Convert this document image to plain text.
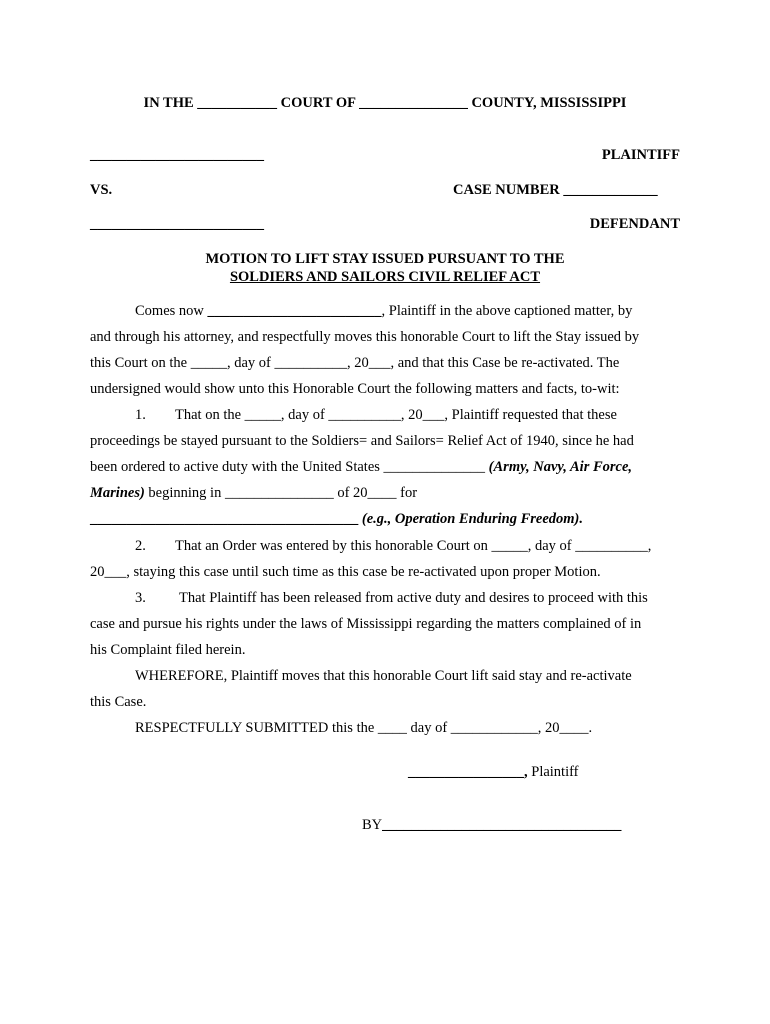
IN THE ___________ COURT OF _______________ COUNTY, MISSISSIPPI
________________________	PLAINTIFF
VS.	CASE NUMBER _____________
________________________	DEFENDANT
MOTION TO LIFT STAY ISSUED PURSUANT TO THE
SOLDIERS AND SAILORS CIVIL RELIEF ACT
Comes now ________________________, Plaintiff in the above captioned matter, by
and through his attorney, and respectfully moves this honorable Court to lift the Stay issued by
this Court on the _____, day of __________, 20___, and that this Case be re-activated. The
undersigned would show unto this Honorable Court the following matters and facts, to-wit:
1. That on the _____, day of __________, 20___, Plaintiff requested that these
proceedings be stayed pursuant to the Soldiers= and Sailors= Relief Act of 1940, since he had
been ordered to active duty with the United States ______________ (Army, Navy, Air Force,
Marines) beginning in _______________ of 20____ for
_____________________________________ (e.g., Operation Enduring Freedom).
2. That an Order was entered by this honorable Court on _____, day of __________,
20___, staying this case until such time as this case be re-activated upon proper Motion.
3. That Plaintiff has been released from active duty and desires to proceed with this
case and pursue his rights under the laws of Mississippi regarding the matters complained of in
his Complaint filed herein.
WHEREFORE, Plaintiff moves that this honorable Court lift said stay and re-activate
this Case.
RESPECTFULLY SUBMITTED this the ____ day of ____________, 20____.
________________, Plaintiff
BY_________________________________
